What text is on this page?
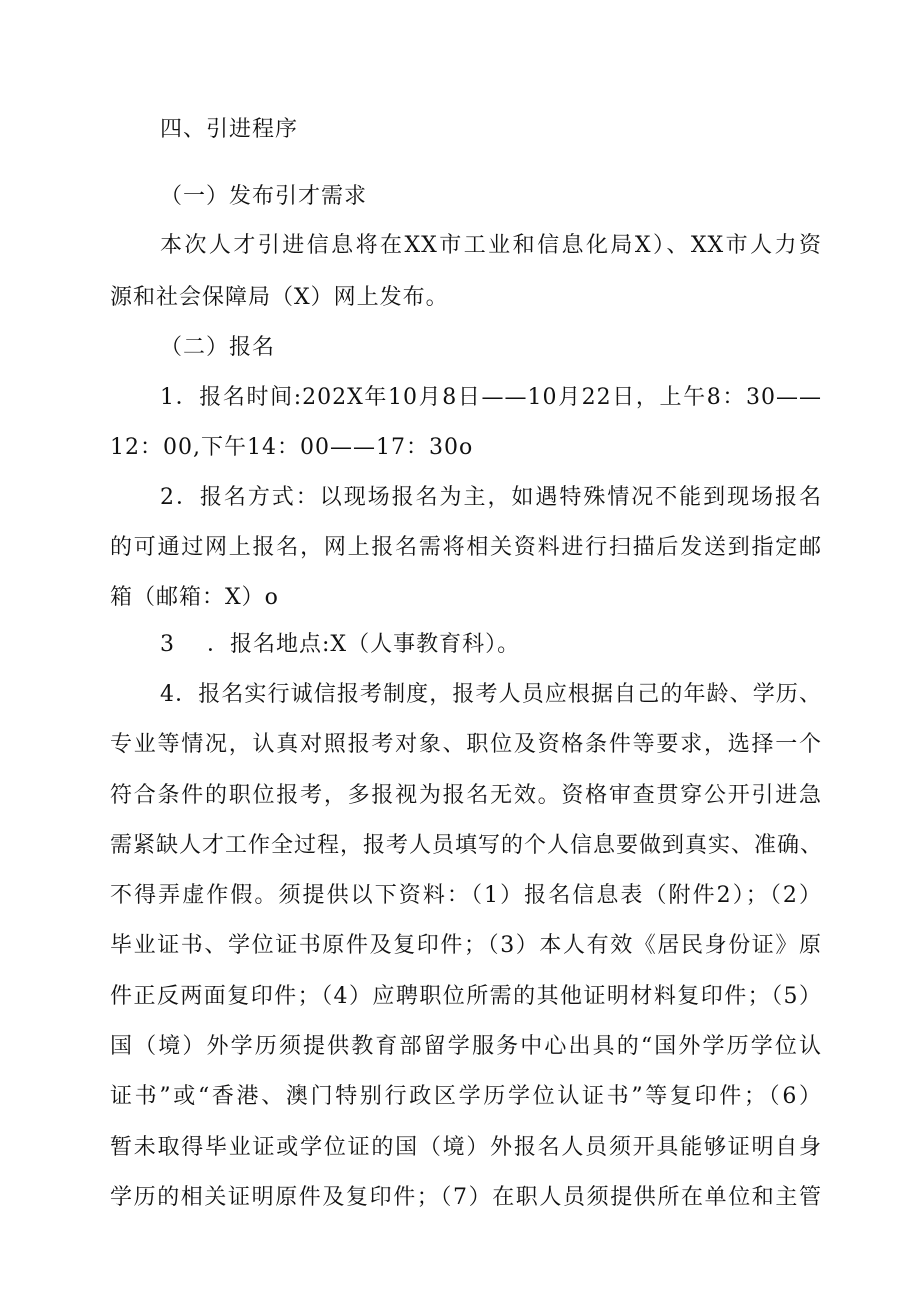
四、引进程序
（一）发布引才需求
本次人才引进信息将在XX市工业和信息化局X）、XX市人力资
源和社会保障局（X）网上发布。
（二）报名
1．报名时间:202X年10月8日——10月22日，上午8：30——
12：00,下午14：00——17：30o
2．报名方式：以现场报名为主，如遇特殊情况不能到现场报名
的可通过网上报名，网上报名需将相关资料进行扫描后发送到指定邮
箱（邮箱：X）o
3	．报名地点:X（人事教育科）。
4．报名实行诚信报考制度，报考人员应根据自己的年龄、学历、
专业等情况，认真对照报考对象、职位及资格条件等要求，选择一个
符合条件的职位报考，多报视为报名无效。资格审查贯穿公开引进急
需紧缺人才工作全过程，报考人员填写的个人信息要做到真实、准确、
不得弄虚作假。须提供以下资料：（1）报名信息表（附件2）；（2）
毕业证书、学位证书原件及复印件；（3）本人有效《居民身份证》原
件正反两面复印件；（4）应聘职位所需的其他证明材料复印件；（5）
国（境）外学历须提供教育部留学服务中心出具的“国外学历学位认
证书”或“香港、澳门特别行政区学历学位认证书”等复印件；（6）
暂未取得毕业证或学位证的国（境）外报名人员须开具能够证明自身
学历的相关证明原件及复印件；（7）在职人员须提供所在单位和主管
